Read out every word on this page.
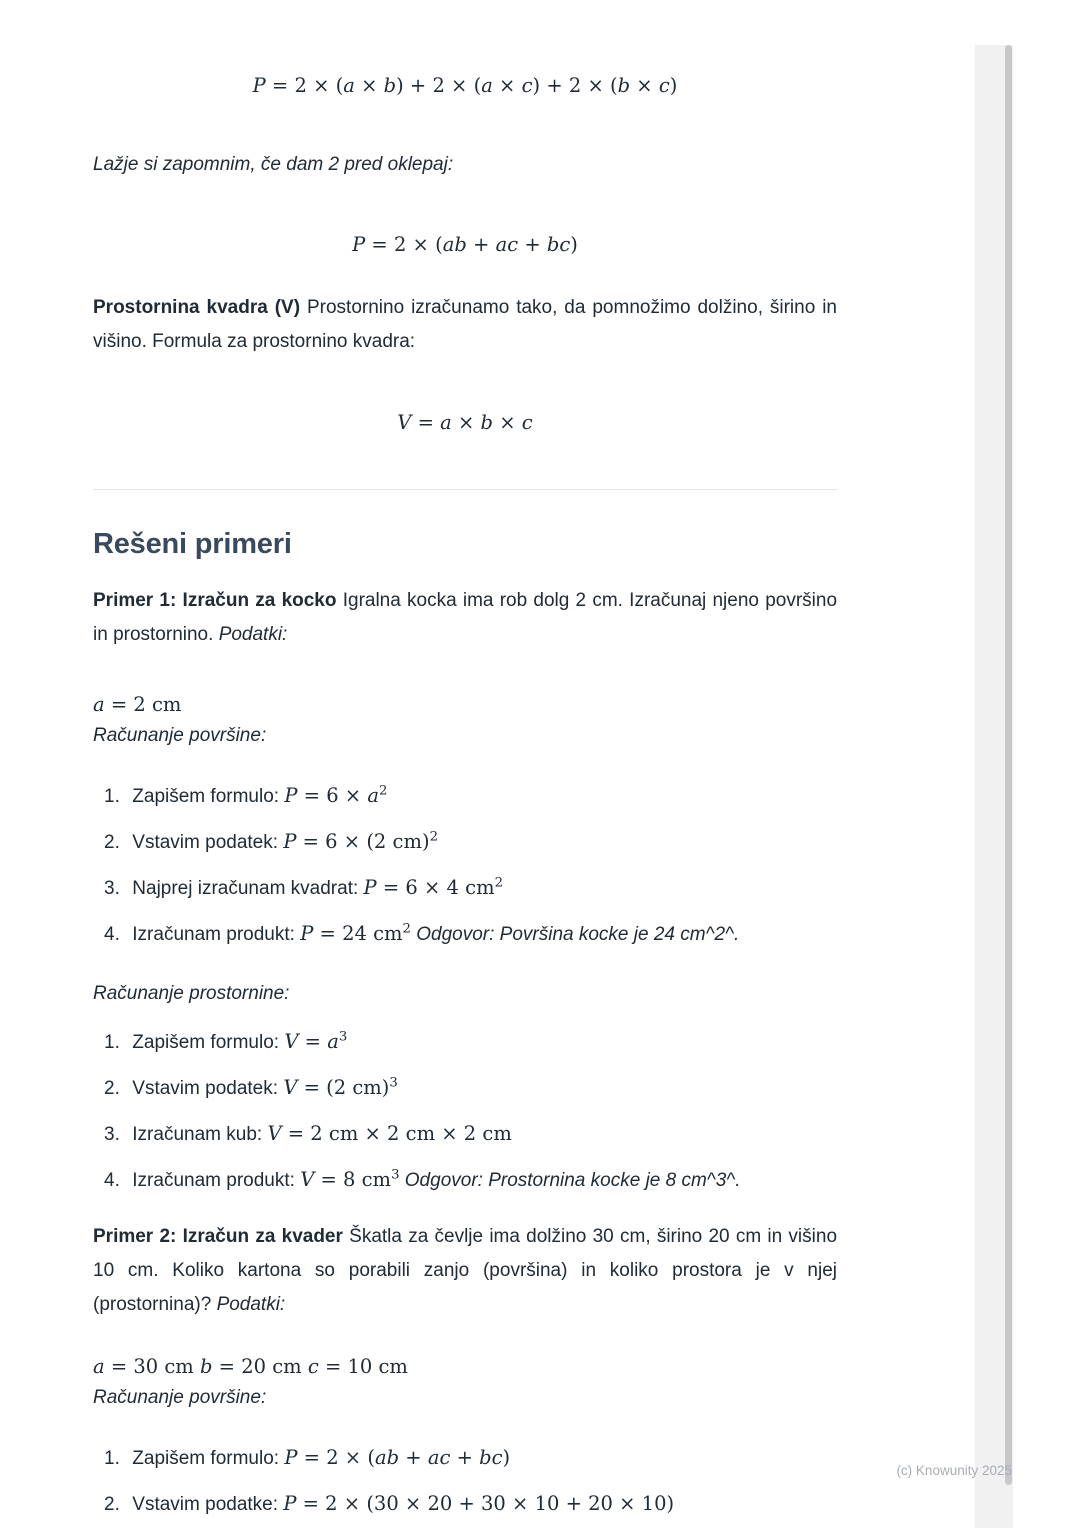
P = 2 × (a × b) + 2 × (a × c) + 2 × (b × c)

Lažje si zapomnim, če dam 2 pred oklepaj:

P = 2 × (ab + ac + bc)

Prostornina kvadra (V) Prostornino izračunamo tako, da pomnožimo dolžino, širino in višino. Formula za prostornino kvadra:

V = a × b × c
Rešeni primeri

Primer 1: Izračun za kocko Igralna kocka ima rob dolg 2 cm. Izračunaj njeno površino in prostornino. Podatki:

a = 2 cm
Računanje površine:
1. Zapišem formulo: $P = 6 \times a^2$
2. Vstavim podatek: P = 6 × (2 cm)$^2$
3. Najprej izračunam kvadrat: P = 6 × 4 $cm^2$
4. Izračunam produkt: P = 24 $cm^2$ Odgovor: Površina kocke je 24 cm^2^.
Računanje prostornine:
1. Zapišem formulo: $V = a^3$
2. Vstavim podatek: V = (2 cm)$^3$
3. Izračunam kub: V = 2 cm × 2 cm × 2 cm
4. Izračunam produkt: V = 8 $cm^3$ Odgovor: Prostornina kocke je 8 cm^3^.

Primer 2: Izračun za kvader Škatla za čevlje ima dolžino 30 cm, širino 20 cm in višino 10 cm. Koliko kartona so porabili zanjo (površina) in koliko prostora je v njej (prostornina)? Podatki:

a = 30 cm b = 20 cm c = 10 cm
Računanje površine:
1. Zapišem formulo: P = 2 × (ab + ac + bc)
2. Vstavim podatke: P = 2 × (30 × 20 + 30 × 10 + 20 × 10)
(c) Knowunity 2025
